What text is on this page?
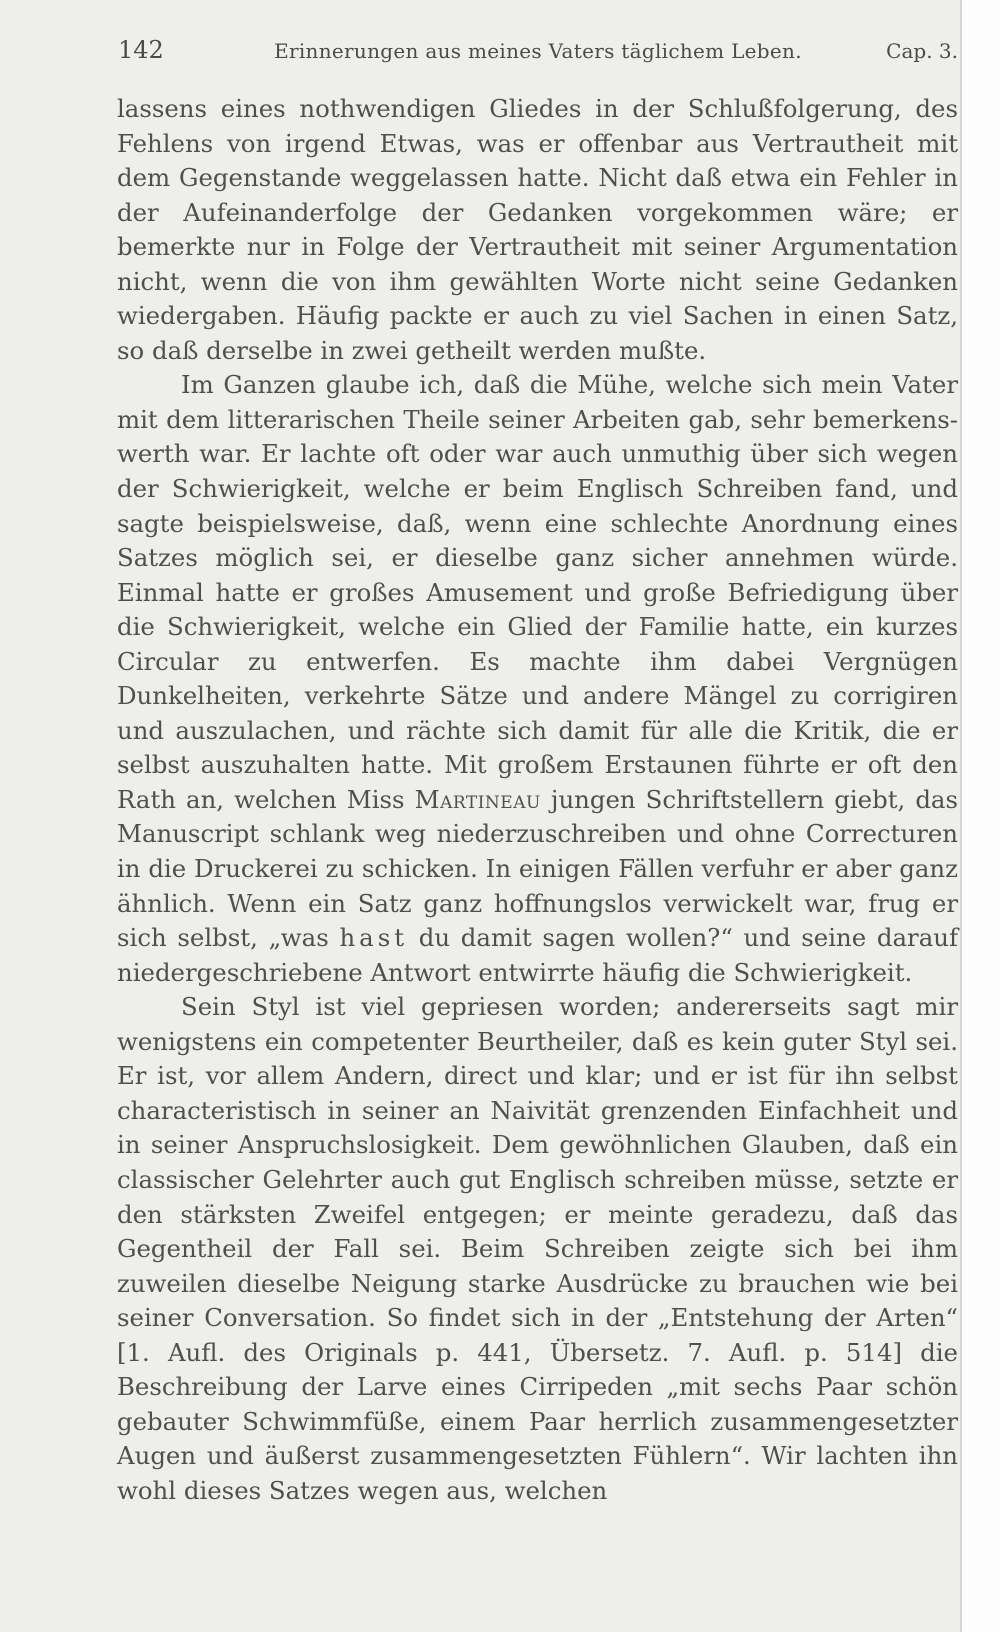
142	Erinnerungen aus meines Vaters täglichem Leben.	Cap. 3.

lassens eines nothwendigen Gliedes in der Schlußfolgerung, des Fehlens von irgend Etwas, was er offenbar aus Vertrautheit mit dem Gegenstande weggelassen hatte. Nicht daß etwa ein Fehler in der Aufeinanderfolge der Gedanken vorgekommen wäre; er bemerkte nur in Folge der Vertrautheit mit seiner Argumentation nicht, wenn die von ihm gewählten Worte nicht seine Gedanken wiedergaben. Häufig packte er auch zu viel Sachen in einen Satz, so daß derselbe in zwei getheilt werden mußte.

Im Ganzen glaube ich, daß die Mühe, welche sich mein Vater mit dem litterarischen Theile seiner Arbeiten gab, sehr bemerkenswerth war. Er lachte oft oder war auch unmuthig über sich wegen der Schwierigkeit, welche er beim Englisch Schreiben fand, und sagte beispielsweise, daß, wenn eine schlechte Anordnung eines Satzes möglich sei, er dieselbe ganz sicher annehmen würde. Einmal hatte er großes Amusement und große Befriedigung über die Schwierigkeit, welche ein Glied der Familie hatte, ein kurzes Circular zu entwerfen. Es machte ihm dabei Vergnügen Dunkelheiten, verkehrte Sätze und andere Mängel zu corrigiren und auszulachen, und rächte sich damit für alle die Kritik, die er selbst auszuhalten hatte. Mit großem Erstaunen führte er oft den Rath an, welchen Miss Martineau jungen Schriftstellern giebt, das Manuscript schlank weg niederzuschreiben und ohne Correcturen in die Druckerei zu schicken. In einigen Fällen verfuhr er aber ganz ähnlich. Wenn ein Satz ganz hoffnungslos verwickelt war, frug er sich selbst, „was hast du damit sagen wollen?“ und seine darauf niedergeschriebene Antwort entwirrte häufig die Schwierigkeit.

Sein Styl ist viel gepriesen worden; andererseits sagt mir wenigstens ein competenter Beurtheiler, daß es kein guter Styl sei. Er ist, vor allem Andern, direct und klar; und er ist für ihn selbst characteristisch in seiner an Naivität grenzenden Einfachheit und in seiner Anspruchslosigkeit. Dem gewöhnlichen Glauben, daß ein classischer Gelehrter auch gut Englisch schreiben müsse, setzte er den stärksten Zweifel entgegen; er meinte geradezu, daß das Gegentheil der Fall sei. Beim Schreiben zeigte sich bei ihm zuweilen dieselbe Neigung starke Ausdrücke zu brauchen wie bei seiner Conversation. So findet sich in der „Entstehung der Arten“ [1. Aufl. des Originals p. 441, Übersetz. 7. Aufl. p. 514] die Beschreibung der Larve eines Cirripeden „mit sechs Paar schön gebauter Schwimmfüße, einem Paar herrlich zusammengesetzter Augen und äußerst zusammengesetzten Fühlern“. Wir lachten ihn wohl dieses Satzes wegen aus, welchen
